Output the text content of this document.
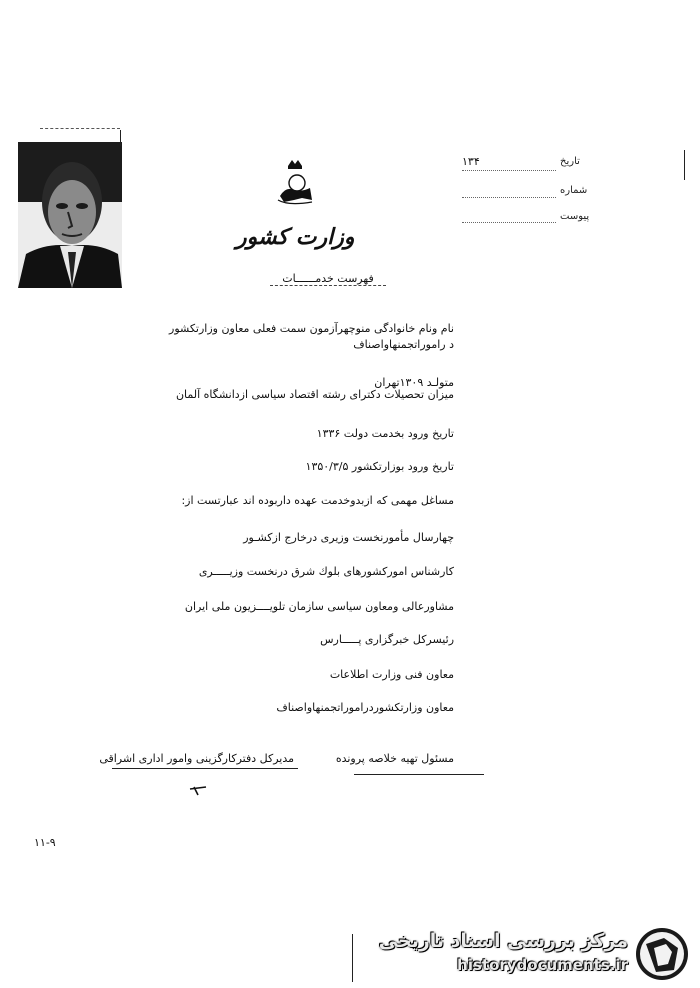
وزارت کشور
فهرست خدمــــــات
تاریخ
۱۳۴
شماره
پیوست
نام ونام خانوادگی منوچهرآزمون سمت فعلی معاون وزارتکشور
د راموراتجمنهاواصناف
متولـد ۱۳۰۹تهران
میزان تحصیلات دکترای رشته اقتصاد سیاسی ازدانشگاه آلمان
تاریخ ورود بخدمت دولت ۱۳۳۶
تاریخ ورود بوزارتکشور ۱۳۵۰/۳/۵
مساغل مهمی که ازبدوخدمت عهده داربوده اند عبارتست از:
چهارسال مأمورنخست وزیری درخارج ازکشـور
کارشناس امورکشورهای بلوك شرق درنخست وزیـــــری
مشاورعالی ومعاون سیاسی سازمان تلویــــزیون ملی ایران
رئیسرکل خبرگزاری پـــــارس
معاون فنی وزارت اطلاعات
معاون وزارتکشوردراموراتجمنهاواصناف
مسئول تهیه خلاصه پرونده
مدیرکل دفترکارگزینی وامور اداری اشراقی
۱۱-۹
مرکز بررسی اسناد تاریخی
historydocuments.ir
